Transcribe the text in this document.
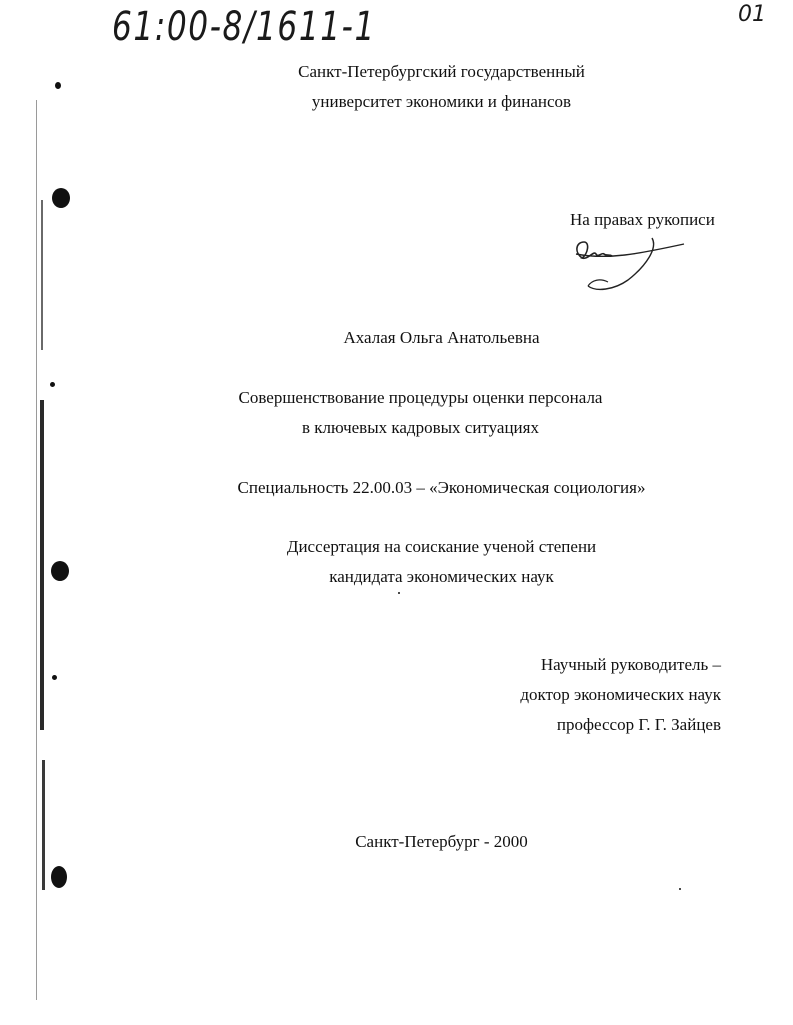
61:00-8/1611-1	01
Санкт-Петербургский государственный
университет экономики и финансов
На правах рукописи
Ахалая Ольга Анатольевна
Совершенствование процедуры оценки персонала
в ключевых кадровых ситуациях
Специальность 22.00.03 – «Экономическая социология»
Диссертация на соискание ученой степени
кандидата экономических наук
Научный руководитель –
доктор экономических наук
профессор Г. Г. Зайцев
Санкт-Петербург - 2000
